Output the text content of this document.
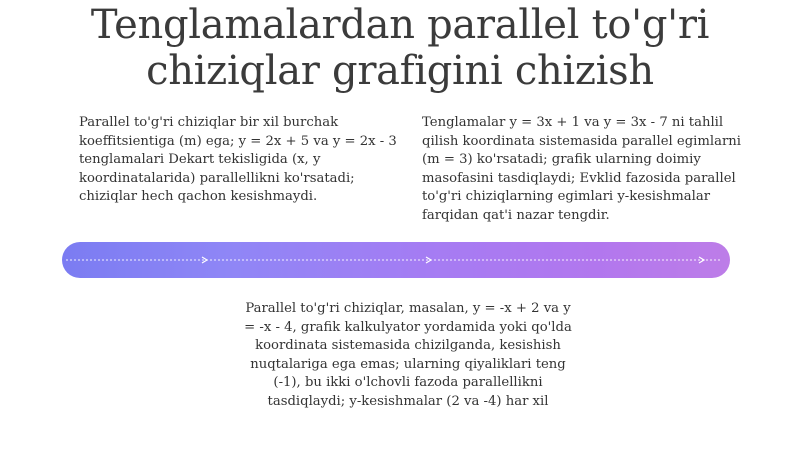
Tenglamalardan parallel to'g'ri chiziqlar grafigini chizish
Parallel to'g'ri chiziqlar bir xil burchak koeffitsientiga (m) ega; y = 2x + 5 va y = 2x - 3 tenglamalari Dekart tekisligida (x, y koordinatalarida) parallellikni ko'rsatadi; chiziqlar hech qachon kesishmaydi.
Tenglamalar y = 3x + 1 va y = 3x - 7 ni tahlil qilish koordinata sistemasida parallel egimlarni (m = 3) ko'rsatadi; grafik ularning doimiy masofasini tasdiqlaydi; Evklid fazosida parallel to'g'ri chiziqlarning egimlari y-kesishmalar farqidan qat'i nazar tengdir.
Parallel to'g'ri chiziqlar, masalan, y = -x + 2 va y = -x - 4, grafik kalkulyator yordamida yoki qo'lda koordinata sistemasida chizilganda, kesishish nuqtalariga ega emas; ularning qiyaliklari teng (-1), bu ikki o'lchovli fazoda parallellikni tasdiqlaydi; y-kesishmalar (2 va -4) har xil
